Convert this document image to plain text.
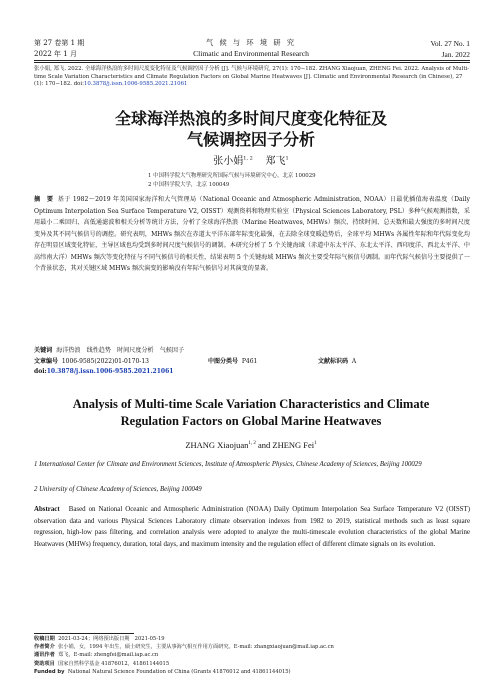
第 27 卷第 1 期
2022 年 1 月
气 候 与 环 境 研 究
Climatic and Environmental Research
Vol. 27 No. 1
Jan. 2022
张小娟, 郑飞. 2022. 全球海洋热浪的多时间尺度变化特征及气候调控因子分析 [J]. 气候与环境研究, 27(1): 170−182. ZHANG Xiaojuan, ZHENG Fei. 2022. Analysis of Multi-time Scale Variation Characteristics and Climate Regulation Factors on Global Marine Heatwaves [J]. Climatic and Environmental Research (in Chinese), 27 (1): 170−182. doi:10.3878/j.issn.1006-9585.2021.21061
全球海洋热浪的多时间尺度变化特征及
气候调控因子分析
张小娟$^{1, 2}$ 郑飞$^1$
1 中国科学院大气物理研究所国际气候与环境研究中心，北京 100029
2 中国科学院大学，北京 100049
摘　要 基于 1982～2019 年美国国家海洋和大气管理局（National Oceanic and Atmospheric Administration, NOAA）日最优插值海表温度（Daily Optimum Interpolation Sea Surface Temperature V2, OISST）观测资料和物理实验室（Physical Sciences Laboratory, PSL）多种气候观测指数，采用最小二乘回归、高低通滤波和相关分析等统计方法，分析了全球海洋热浪（Marine Heatwaves, MHWs）频次、持续时间、总天数和最大强度的多时间尺度变异及其不同气候信号的调控。研究表明，MHWs 频次在赤道太平洋东部年际变化最强，在去除全球变暖趋势后，全球平均 MHWs 各属性年际和年代际变化均存在明显区域变化特征，主导区域也均受到多时间尺度气候信号的调制。本研究分析了 5 个关键海域（赤道中东太平洋、东北太平洋、西印度洋、西北太平洋、中高纬南大洋）MHWs 频次等变化特征与不同气候信号的相关性，结果表明 5 个关键海域 MHWs 频次主要受年际气候信号调制。而年代际气候信号主要提供了一个背景状态，其对关键区域 MHWs 频次演变的影响没有年际气候信号对其演变的显著。
关键词 海洋热浪　线性趋势　时间尺度分析　气候因子
文章编号 1006-9585(2022)01-0170-13	中图分类号 P461	文献标识码 A
doi:10.3878/j.issn.1006-9585.2021.21061
Analysis of Multi-time Scale Variation Characteristics and Climate
Regulation Factors on Global Marine Heatwaves
ZHANG Xiaojuan$^{1, 2}$ and ZHENG Fei$^1$
1 International Center for Climate and Environment Sciences, Institute of Atmospheric Physics, Chinese Academy of Sciences, Beijing 100029
2 University of Chinese Academy of Sciences, Beijing 100049
Abstract Based on National Oceanic and Atmospheric Administration (NOAA) Daily Optimum Interpolation Sea Surface Temperature V2 (OISST) observation data and various Physical Sciences Laboratory climate observation indexes from 1982 to 2019, statistical methods such as least square regression, high-low pass filtering, and correlation analysis were adopted to analyze the multi-timescale evolution characteristics of the global Marine Heatwaves (MHWs) frequency, duration, total days, and maximum intensity and the regulation effect of different climate signals on its evolution.
收稿日期 2021-03-24；网络预出版日期　2021-05-19
作者简介 张小娟，女，1994 年出生，硕士研究生，主要从事海气相互作用方面研究。E-mail: zhangxiaojuan@mail.iap.ac.cn
通讯作者 郑飞，E-mail: zhengfei@mail.iap.ac.cn
资助项目 国家自然科学基金 41876012，41861144015
Funded by National Natural Science Foundation of China (Grants 41876012 and 41861144015)
